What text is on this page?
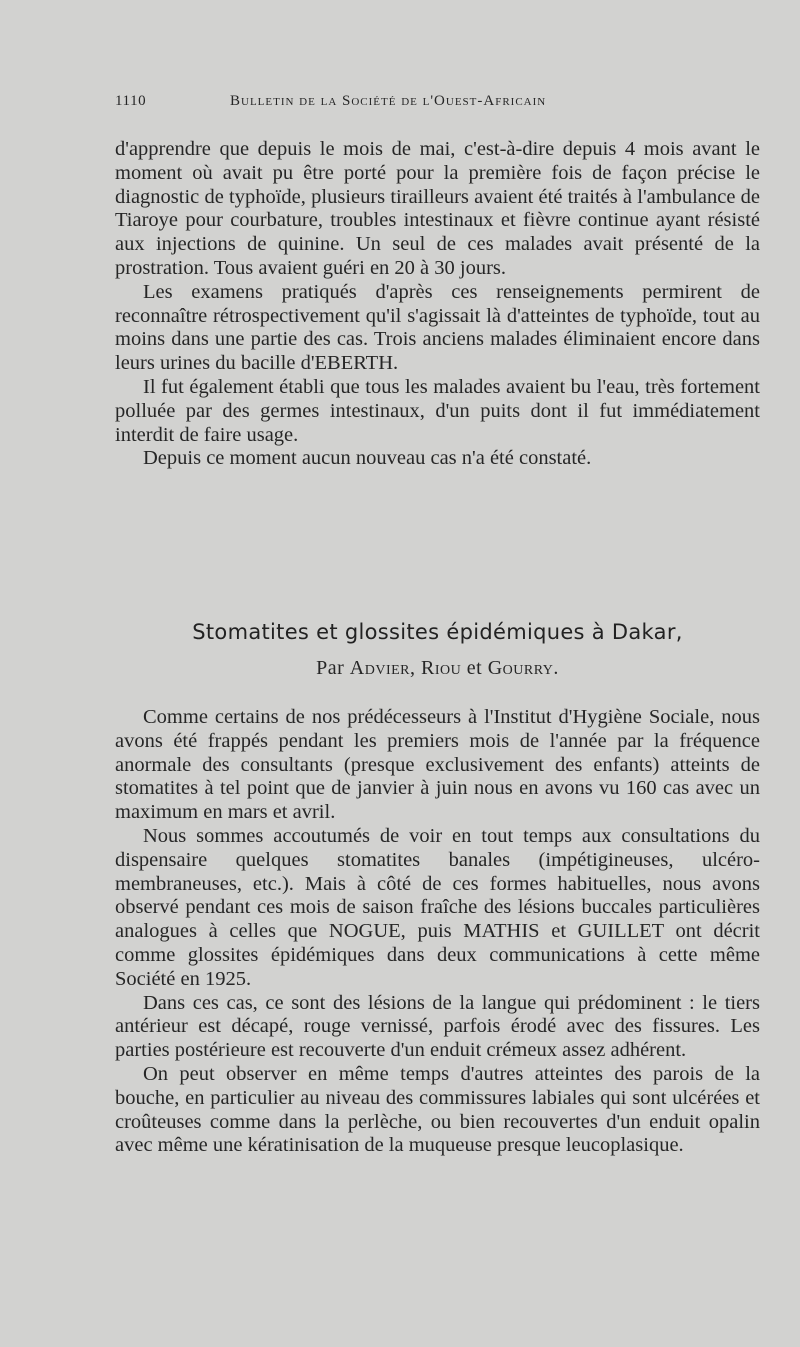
1110	Bulletin de la Société de l'Ouest-Africain

d'apprendre que depuis le mois de mai, c'est-à-dire depuis 4 mois avant le moment où avait pu être porté pour la première fois de façon précise le diagnostic de typhoïde, plusieurs tirailleurs avaient été traités à l'ambulance de Tiaroye pour courbature, troubles intestinaux et fièvre continue ayant résisté aux injections de quinine. Un seul de ces malades avait présenté de la prostration. Tous avaient guéri en 20 à 30 jours.

Les examens pratiqués d'après ces renseignements permirent de reconnaître rétrospectivement qu'il s'agissait là d'atteintes de typhoïde, tout au moins dans une partie des cas. Trois anciens malades éliminaient encore dans leurs urines du bacille d'EBERTH.

Il fut également établi que tous les malades avaient bu l'eau, très fortement polluée par des germes intestinaux, d'un puits dont il fut immédiatement interdit de faire usage.

Depuis ce moment aucun nouveau cas n'a été constaté.

Stomatites et glossites épidémiques à Dakar,
Par Advier, Riou et Gourry.

Comme certains de nos prédécesseurs à l'Institut d'Hygiène Sociale, nous avons été frappés pendant les premiers mois de l'année par la fréquence anormale des consultants (presque exclusivement des enfants) atteints de stomatites à tel point que de janvier à juin nous en avons vu 160 cas avec un maximum en mars et avril.

Nous sommes accoutumés de voir en tout temps aux consultations du dispensaire quelques stomatites banales (impétigineuses, ulcéro-membraneuses, etc.). Mais à côté de ces formes habituelles, nous avons observé pendant ces mois de saison fraîche des lésions buccales particulières analogues à celles que NOGUE, puis MATHIS et GUILLET ont décrit comme glossites épidémiques dans deux communications à cette même Société en 1925.

Dans ces cas, ce sont des lésions de la langue qui prédominent : le tiers antérieur est décapé, rouge vernissé, parfois érodé avec des fissures. Les parties postérieure est recouverte d'un enduit crémeux assez adhérent.

On peut observer en même temps d'autres atteintes des parois de la bouche, en particulier au niveau des commissures labiales qui sont ulcérées et croûteuses comme dans la perlèche, ou bien recouvertes d'un enduit opalin avec même une kératinisation de la muqueuse presque leucoplasique.
